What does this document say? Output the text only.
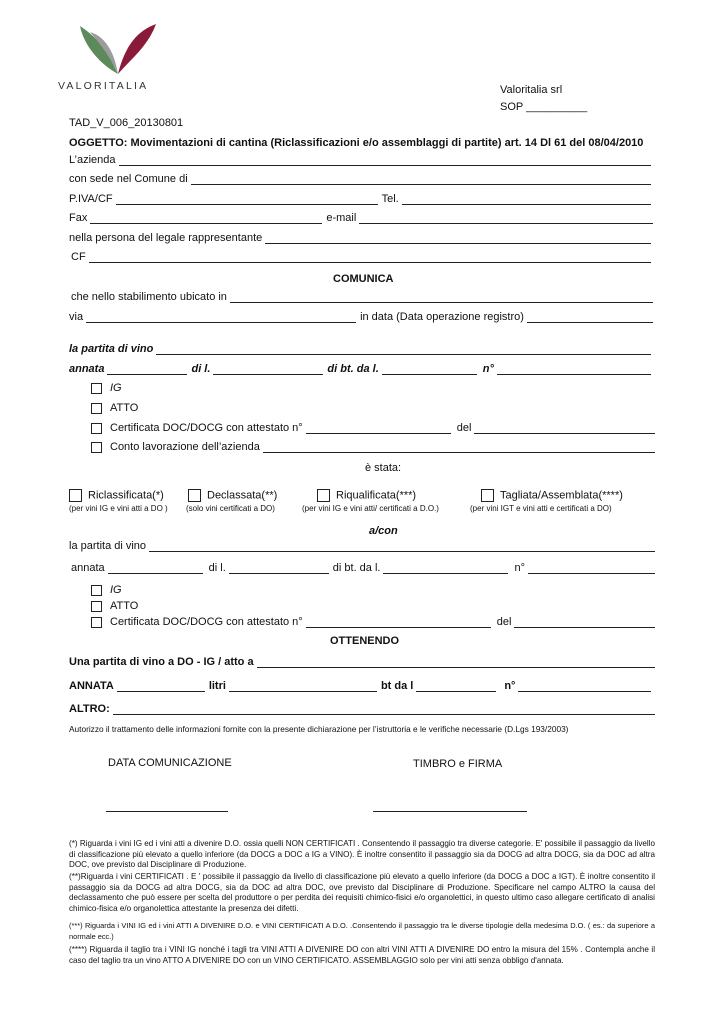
VALORITALIA	Valoritalia srl
SOP __________
TAD_V_006_20130801
OGGETTO: Movimentazioni di cantina (Riclassificazioni e/o assemblaggi di partite) art. 14 Dl 61 del 08/04/2010
L’azienda
con sede nel Comune di
P.IVA/CF	Tel.
Fax	e-mail
nella persona del legale rappresentante
CF
COMUNICA
che nello stabilimento ubicato in
via	in data (Data operazione registro)
la partita di vino
annata	di l.	di bt. da l.	n°
IG
ATTO
Certificata DOC/DOCG con attestato n°	del
Conto lavorazione dell’azienda
è stata:
Riclassificata(*)
(per vini IG e vini atti a DO )
Declassata(**)
(solo vini certificati a DO)
Riqualificata(***)
(per vini IG e vini atti/ certificati a D.O.)
Tagliata/Assemblata(****)
(per vini IGT e vini atti e certificati a DO)
a/con
la partita di vino
annata	di l.	di bt. da l.	n°
IG
ATTO
Certificata DOC/DOCG con attestato n°	del
OTTENENDO
Una partita di vino a DO - IG / atto a
ANNATA	litri	bt da l	n°
ALTRO:
Autorizzo il trattamento delle informazioni fornite con la presente dichiarazione per l’istruttoria e le verifiche necessarie (D.Lgs 193/2003)
DATA COMUNICAZIONE	TIMBRO e FIRMA
(*) Riguarda i vini IG ed i vini atti a divenire D.O. ossia quelli NON CERTIFICATI . Consentendo il passaggio tra diverse categorie. E' possibile il passaggio da livello di classificazione più elevato a quello inferiore (da DOCG a DOC a IG a VINO). È inoltre consentito il passaggio sia da DOCG ad altra DOCG, sia da DOC ad altra DOC, ove previsto dal Disciplinare di Produzione.
(**)Riguarda i vini CERTIFICATI . E ' possibile il passaggio da livello di classificazione più elevato a quello inferiore (da DOCG a DOC a IGT). È inoltre consentito il passaggio sia da DOCG ad altra DOCG, sia da DOC ad altra DOC, ove previsto dal Disciplinare di Produzione. Specificare nel campo ALTRO la causa del declassamento che può essere per scelta del produttore o per perdita dei requisiti chimico-fisici e/o organolettici, in questo ultimo caso allegare certificato di analisi chimico-fisica e/o organolettica attestante la presenza dei difetti.
(***) Riguarda i VINI IG ed i vini ATTI A DIVENIRE D.O. e VINI CERTIFICATI A D.O. .Consentendo il passaggio tra le diverse tipologie della medesima D.O. ( es.: da superiore a normale ecc.)
(****) Riguarda il taglio tra i VINI IG nonché i tagli tra VINI ATTI A DIVENIRE DO con altri VINI ATTI A DIVENIRE DO entro la misura del 15% . Contempla anche il caso del taglio tra un vino ATTO A DIVENIRE DO con un VINO CERTIFICATO. ASSEMBLAGGIO solo per vini atti senza obbligo d'annata.
